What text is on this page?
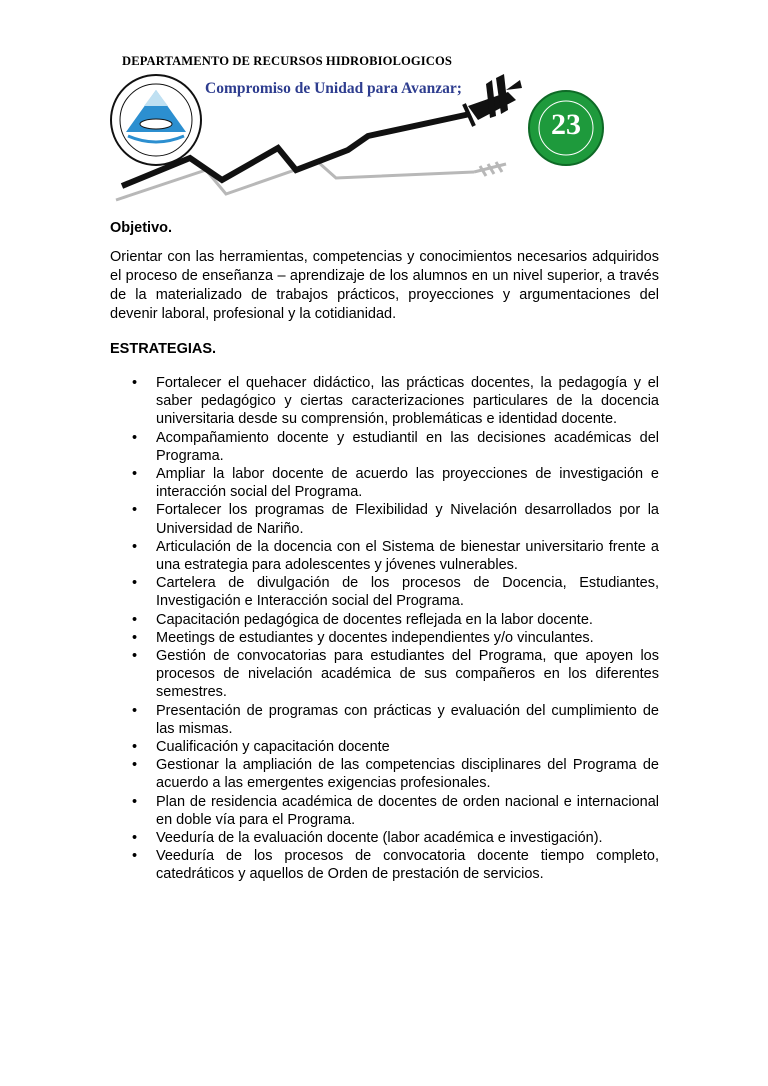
DEPARTAMENTO DE RECURSOS HIDROBIOLOGICOS
Compromiso de Unidad para Avanzar;
23
Objetivo.
Orientar con las herramientas, competencias y conocimientos necesarios adquiridos el proceso de enseñanza – aprendizaje de los alumnos en un nivel superior, a través de la materializado de trabajos prácticos, proyecciones y argumentaciones del devenir laboral, profesional y la cotidianidad.
ESTRATEGIAS.
• Fortalecer el quehacer didáctico, las prácticas docentes, la pedagogía y el saber pedagógico y ciertas caracterizaciones particulares de la docencia universitaria desde su comprensión, problemáticas e identidad docente.
• Acompañamiento docente y estudiantil en las decisiones académicas del Programa.
• Ampliar la labor docente de acuerdo las proyecciones de investigación e interacción social del Programa.
• Fortalecer los programas de Flexibilidad y Nivelación desarrollados por la Universidad de Nariño.
• Articulación de la docencia con el Sistema de bienestar universitario frente a una estrategia para adolescentes y jóvenes vulnerables.
• Cartelera de divulgación de los procesos de Docencia, Estudiantes, Investigación e Interacción social del Programa.
• Capacitación pedagógica de docentes reflejada en la labor docente.
• Meetings de estudiantes y docentes independientes y/o vinculantes.
• Gestión de convocatorias para estudiantes del Programa, que apoyen los procesos de nivelación académica de sus compañeros en los diferentes semestres.
• Presentación de programas con prácticas y evaluación del cumplimiento de las mismas.
• Cualificación y capacitación docente
• Gestionar la ampliación de las competencias disciplinares del Programa de acuerdo a las emergentes exigencias profesionales.
• Plan de residencia académica de docentes de orden nacional e internacional en doble vía para el Programa.
• Veeduría de la evaluación docente (labor académica e investigación).
• Veeduría de los procesos de convocatoria docente tiempo completo, catedráticos y aquellos de Orden de prestación de servicios.
